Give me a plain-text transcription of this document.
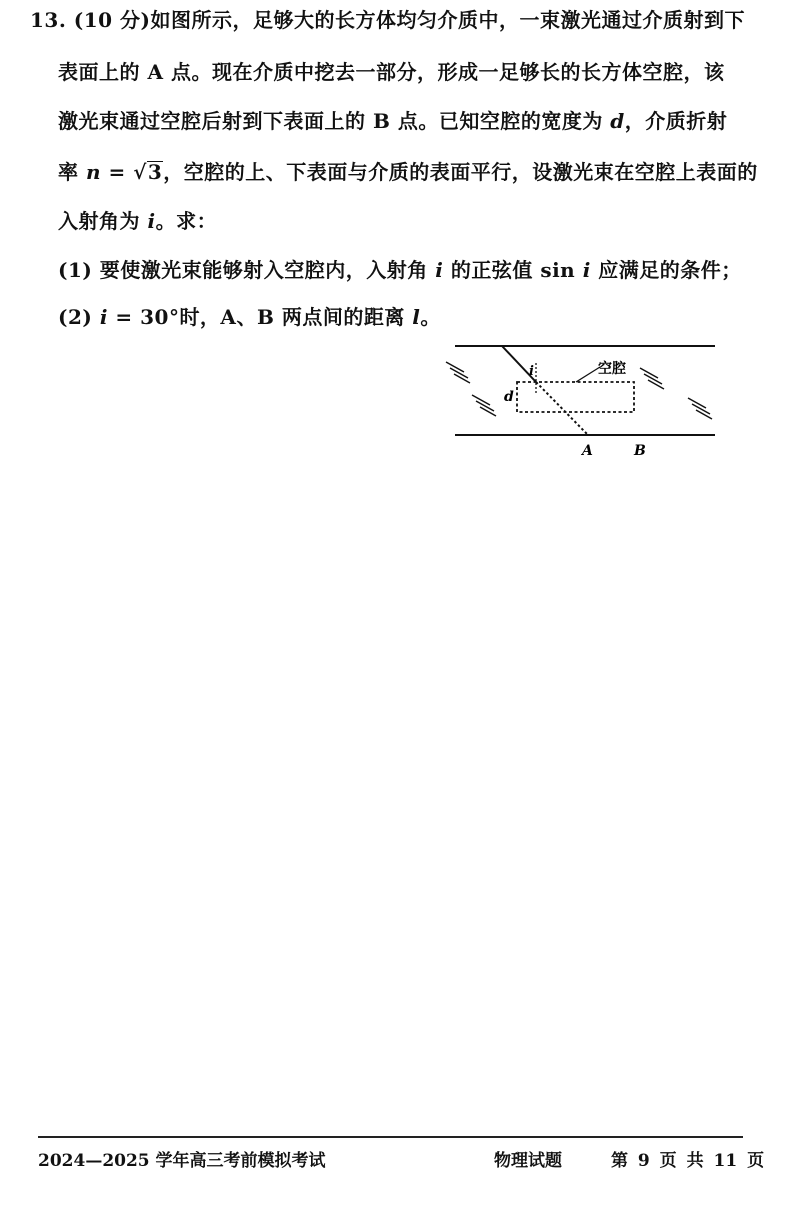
13. (10 分)如图所示，足够大的长方体均匀介质中，一束激光通过介质射到下
表面上的 A 点。现在介质中挖去一部分，形成一足够长的长方体空腔，该
激光束通过空腔后射到下表面上的 B 点。已知空腔的宽度为 d，介质折射
率 n = √3，空腔的上、下表面与介质的表面平行，设激光束在空腔上表面的
入射角为 i。求：
(1) 要使激光束能够射入空腔内，入射角 i 的正弦值 sin i 应满足的条件；
(2) i = 30°时，A、B 两点间的距离 l。
i	空腔
d
A	B
2024—2025 学年高三考前模拟考试	物理试题	第 9 页 共 11 页
